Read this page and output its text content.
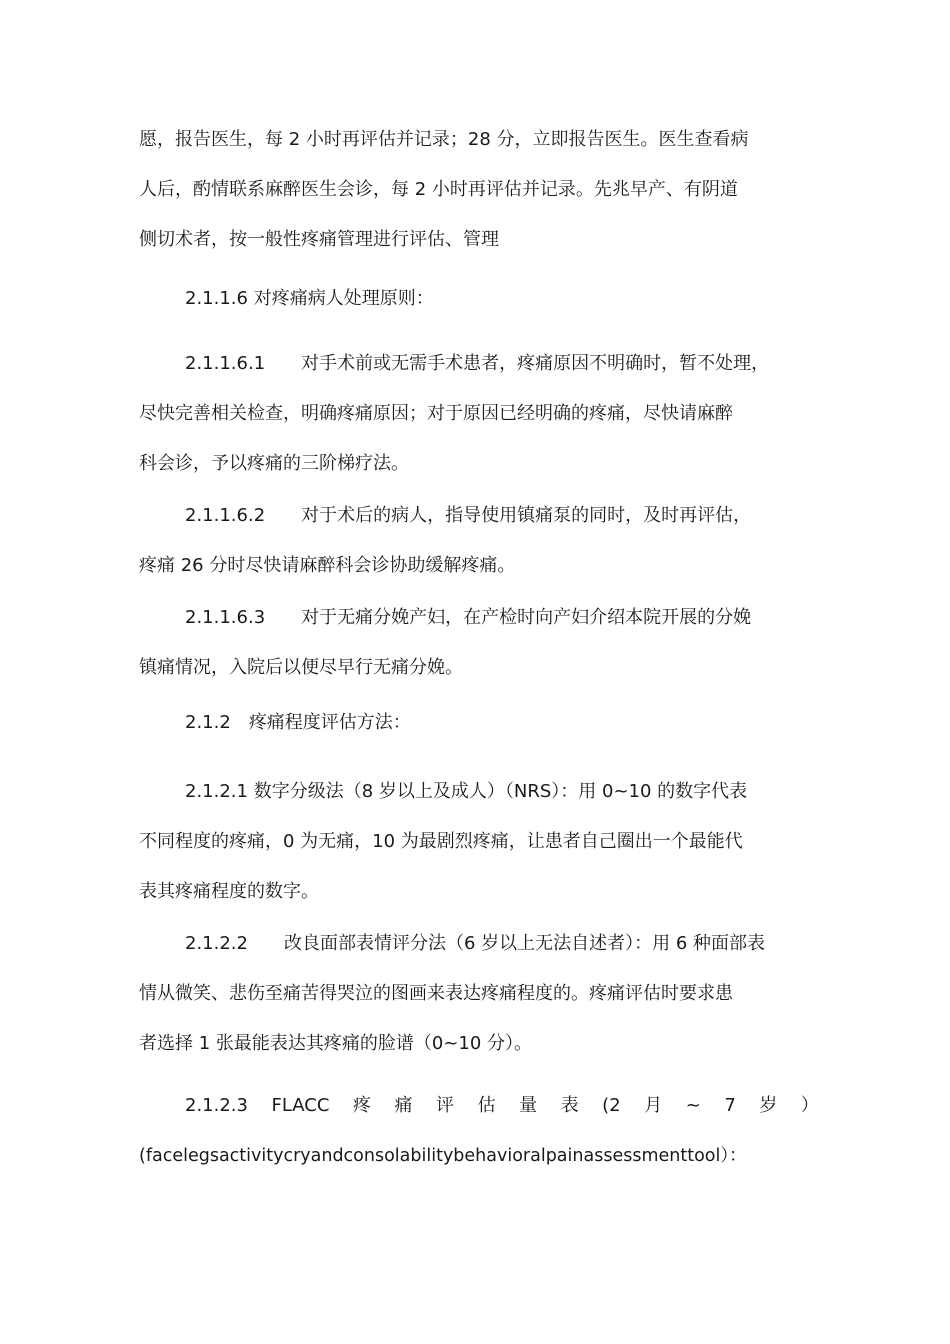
愿，报告医生，每 2 小时再评估并记录；28 分，立即报告医生。医生查看病
人后，酌情联系麻醉医生会诊，每 2 小时再评估并记录。先兆早产、有阴道
侧切术者，按一般性疼痛管理进行评估、管理
2.1.1.6 对疼痛病人处理原则：
2.1.1.6.1 对手术前或无需手术患者，疼痛原因不明确时，暂不处理，
尽快完善相关检查，明确疼痛原因；对于原因已经明确的疼痛，尽快请麻醉
科会诊，予以疼痛的三阶梯疗法。
2.1.1.6.2 对于术后的病人，指导使用镇痛泵的同时，及时再评估，
疼痛 26 分时尽快请麻醉科会诊协助缓解疼痛。
2.1.1.6.3 对于无痛分娩产妇，在产检时向产妇介绍本院开展的分娩
镇痛情况，入院后以便尽早行无痛分娩。
2.1.2 疼痛程度评估方法：
2.1.2.1 数字分级法（8 岁以上及成人）（NRS）：用 0~10 的数字代表
不同程度的疼痛，0 为无痛，10 为最剧烈疼痛，让患者自己圈出一个最能代
表其疼痛程度的数字。
2.1.2.2 改良面部表情评分法（6 岁以上无法自述者）：用 6 种面部表
情从微笑、悲伤至痛苦得哭泣的图画来表达疼痛程度的。疼痛评估时要求患
者选择 1 张最能表达其疼痛的脸谱（0~10 分）。
2.1.2.3 FLACC 疼 痛 评 估 量 表 (2 月 ~ 7 岁 ）
(facelegsactivitycryandconsolabilitybehavioralpainassessmenttool）：
